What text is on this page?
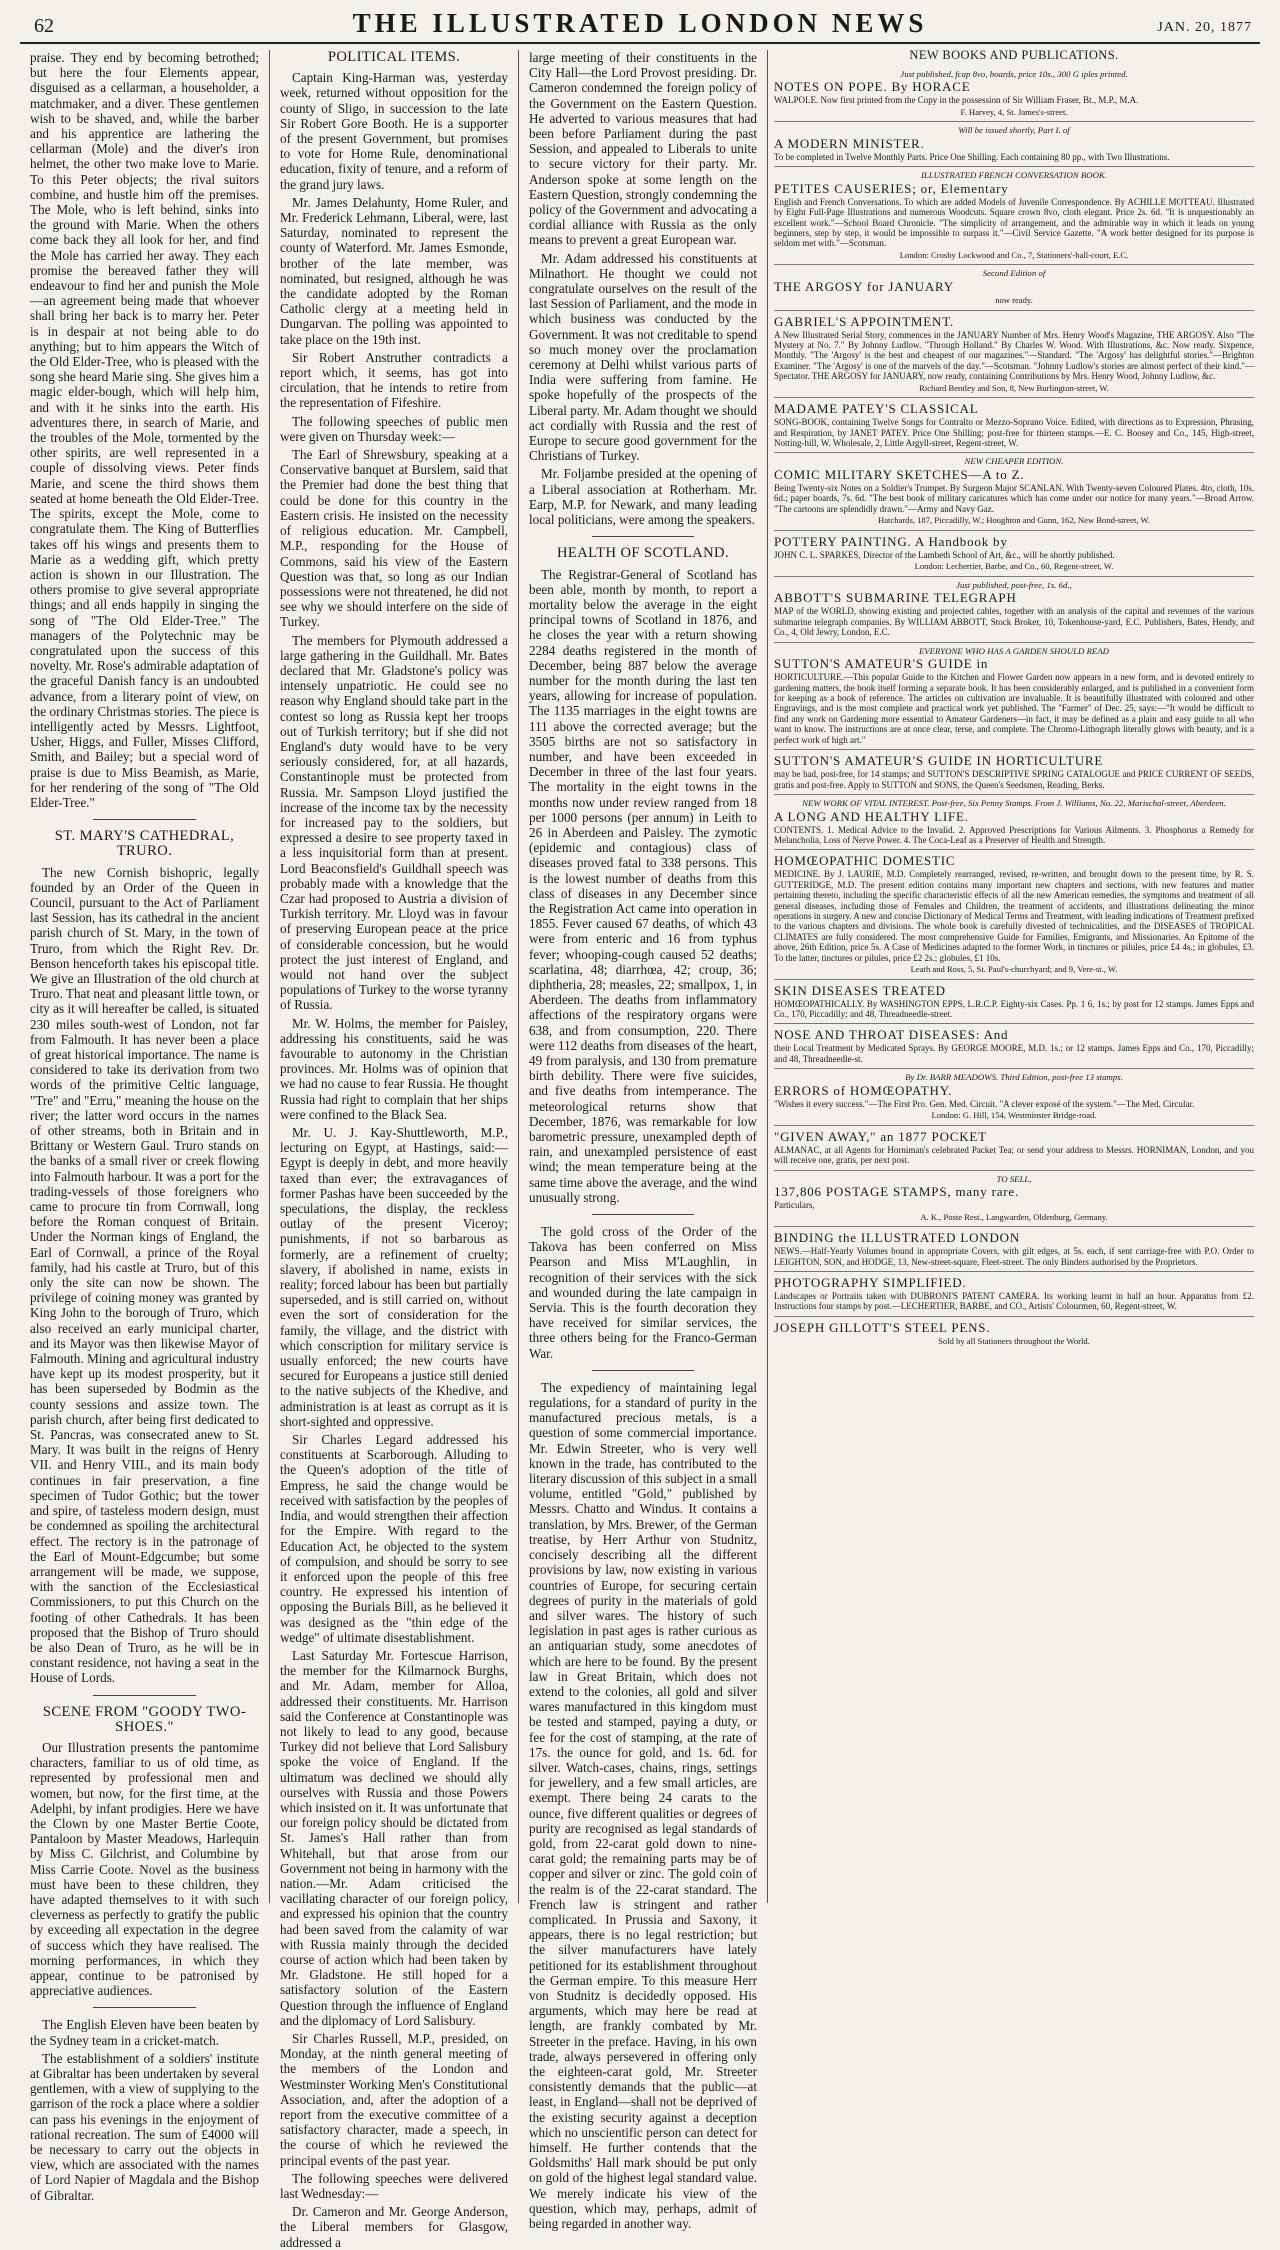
62	THE ILLUSTRATED LONDON NEWS	JAN. 20, 1877

praise. They end by becoming betrothed; but here the four Elements appear, disguised as a cellarman, a householder, a matchmaker, and a diver. These gentlemen wish to be shaved, and, while the barber and his apprentice are lathering the cellarman (Mole) and the diver's iron helmet, the other two make love to Marie. To this Peter objects; the rival suitors combine, and hustle him off the premises. The Mole, who is left behind, sinks into the ground with Marie. When the others come back they all look for her, and find the Mole has carried her away. They each promise the bereaved father they will endeavour to find her and punish the Mole—an agreement being made that whoever shall bring her back is to marry her. Peter is in despair at not being able to do anything; but to him appears the Witch of the Old Elder-Tree, who is pleased with the song she heard Marie sing. She gives him a magic elder-bough, which will help him, and with it he sinks into the earth. His adventures there, in search of Marie, and the troubles of the Mole, tormented by the other spirits, are well represented in a couple of dissolving views. Peter finds Marie, and scene the third shows them seated at home beneath the Old Elder-Tree. The spirits, except the Mole, come to congratulate them. The King of Butterflies takes off his wings and presents them to Marie as a wedding gift, which pretty action is shown in our Illustration. The others promise to give several appropriate things; and all ends happily in singing the song of "The Old Elder-Tree." The managers of the Polytechnic may be congratulated upon the success of this novelty. Mr. Rose's admirable adaptation of the graceful Danish fancy is an undoubted advance, from a literary point of view, on the ordinary Christmas stories. The piece is intelligently acted by Messrs. Lightfoot, Usher, Higgs, and Fuller, Misses Clifford, Smith, and Bailey; but a special word of praise is due to Miss Beamish, as Marie, for her rendering of the song of "The Old Elder-Tree."

ST. MARY'S CATHEDRAL, TRURO.

The new Cornish bishopric, legally founded by an Order of the Queen in Council, pursuant to the Act of Parliament last Session, has its cathedral in the ancient parish church of St. Mary, in the town of Truro, from which the Right Rev. Dr. Benson henceforth takes his episcopal title. We give an Illustration of the old church at Truro. That neat and pleasant little town, or city as it will hereafter be called, is situated 230 miles south-west of London, not far from Falmouth. It has never been a place of great historical importance. The name is considered to take its derivation from two words of the primitive Celtic language, "Tre" and "Erru," meaning the house on the river; the latter word occurs in the names of other streams, both in Britain and in Brittany or Western Gaul. Truro stands on the banks of a small river or creek flowing into Falmouth harbour. It was a port for the trading-vessels of those foreigners who came to procure tin from Cornwall, long before the Roman conquest of Britain. Under the Norman kings of England, the Earl of Cornwall, a prince of the Royal family, had his castle at Truro, but of this only the site can now be shown. The privilege of coining money was granted by King John to the borough of Truro, which also received an early municipal charter, and its Mayor was then likewise Mayor of Falmouth. Mining and agricultural industry have kept up its modest prosperity, but it has been superseded by Bodmin as the county sessions and assize town. The parish church, after being first dedicated to St. Pancras, was consecrated anew to St. Mary. It was built in the reigns of Henry VII. and Henry VIII., and its main body continues in fair preservation, a fine specimen of Tudor Gothic; but the tower and spire, of tasteless modern design, must be condemned as spoiling the architectural effect. The rectory is in the patronage of the Earl of Mount-Edgcumbe; but some arrangement will be made, we suppose, with the sanction of the Ecclesiastical Commissioners, to put this Church on the footing of other Cathedrals. It has been proposed that the Bishop of Truro should be also Dean of Truro, as he will be in constant residence, not having a seat in the House of Lords.

SCENE FROM "GOODY TWO-SHOES."

Our Illustration presents the pantomime characters, familiar to us of old time, as represented by professional men and women, but now, for the first time, at the Adelphi, by infant prodigies. Here we have the Clown by one Master Bertie Coote, Pantaloon by Master Meadows, Harlequin by Miss C. Gilchrist, and Columbine by Miss Carrie Coote. Novel as the business must have been to these children, they have adapted themselves to it with such cleverness as perfectly to gratify the public by exceeding all expectation in the degree of success which they have realised. The morning performances, in which they appear, continue to be patronised by appreciative audiences.

The English Eleven have been beaten by the Sydney team in a cricket-match.

The establishment of a soldiers' institute at Gibraltar has been undertaken by several gentlemen, with a view of supplying to the garrison of the rock a place where a soldier can pass his evenings in the enjoyment of rational recreation. The sum of £4000 will be necessary to carry out the objects in view, which are associated with the names of Lord Napier of Magdala and the Bishop of Gibraltar.

POLITICAL ITEMS.

Captain King-Harman was, yesterday week, returned without opposition for the county of Sligo, in succession to the late Sir Robert Gore Booth. He is a supporter of the present Government, but promises to vote for Home Rule, denominational education, fixity of tenure, and a reform of the grand jury laws.

Mr. James Delahunty, Home Ruler, and Mr. Frederick Lehmann, Liberal, were, last Saturday, nominated to represent the county of Waterford. Mr. James Esmonde, brother of the late member, was nominated, but resigned, although he was the candidate adopted by the Roman Catholic clergy at a meeting held in Dungarvan. The polling was appointed to take place on the 19th inst.

Sir Robert Anstruther contradicts a report which, it seems, has got into circulation, that he intends to retire from the representation of Fifeshire.

The following speeches of public men were given on Thursday week:—

The Earl of Shrewsbury, speaking at a Conservative banquet at Burslem, said that the Premier had done the best thing that could be done for this country in the Eastern crisis. He insisted on the necessity of religious education. Mr. Campbell, M.P., responding for the House of Commons, said his view of the Eastern Question was that, so long as our Indian possessions were not threatened, he did not see why we should interfere on the side of Turkey.

The members for Plymouth addressed a large gathering in the Guildhall. Mr. Bates declared that Mr. Gladstone's policy was intensely unpatriotic. He could see no reason why England should take part in the contest so long as Russia kept her troops out of Turkish territory; but if she did not England's duty would have to be very seriously considered, for, at all hazards, Constantinople must be protected from Russia. Mr. Sampson Lloyd justified the increase of the income tax by the necessity for increased pay to the soldiers, but expressed a desire to see property taxed in a less inquisitorial form than at present. Lord Beaconsfield's Guildhall speech was probably made with a knowledge that the Czar had proposed to Austria a division of Turkish territory. Mr. Lloyd was in favour of preserving European peace at the price of considerable concession, but he would protect the just interest of England, and would not hand over the subject populations of Turkey to the worse tyranny of Russia.

Mr. W. Holms, the member for Paisley, addressing his constituents, said he was favourable to autonomy in the Christian provinces. Mr. Holms was of opinion that we had no cause to fear Russia. He thought Russia had right to complain that her ships were confined to the Black Sea.

Mr. U. J. Kay-Shuttleworth, M.P., lecturing on Egypt, at Hastings, said:—Egypt is deeply in debt, and more heavily taxed than ever; the extravagances of former Pashas have been succeeded by the speculations, the display, the reckless outlay of the present Viceroy; punishments, if not so barbarous as formerly, are a refinement of cruelty; slavery, if abolished in name, exists in reality; forced labour has been but partially superseded, and is still carried on, without even the sort of consideration for the family, the village, and the district with which conscription for military service is usually enforced; the new courts have secured for Europeans a justice still denied to the native subjects of the Khedive, and administration is at least as corrupt as it is short-sighted and oppressive.

Sir Charles Legard addressed his constituents at Scarborough. Alluding to the Queen's adoption of the title of Empress, he said the change would be received with satisfaction by the peoples of India, and would strengthen their affection for the Empire. With regard to the Education Act, he objected to the system of compulsion, and should be sorry to see it enforced upon the people of this free country. He expressed his intention of opposing the Burials Bill, as he believed it was designed as the "thin edge of the wedge" of ultimate disestablishment.

Last Saturday Mr. Fortescue Harrison, the member for the Kilmarnock Burghs, and Mr. Adam, member for Alloa, addressed their constituents. Mr. Harrison said the Conference at Constantinople was not likely to lead to any good, because Turkey did not believe that Lord Salisbury spoke the voice of England. If the ultimatum was declined we should ally ourselves with Russia and those Powers which insisted on it. It was unfortunate that our foreign policy should be dictated from St. James's Hall rather than from Whitehall, but that arose from our Government not being in harmony with the nation.—Mr. Adam criticised the vacillating character of our foreign policy, and expressed his opinion that the country had been saved from the calamity of war with Russia mainly through the decided course of action which had been taken by Mr. Gladstone. He still hoped for a satisfactory solution of the Eastern Question through the influence of England and the diplomacy of Lord Salisbury.

Sir Charles Russell, M.P., presided, on Monday, at the ninth general meeting of the members of the London and Westminster Working Men's Constitutional Association, and, after the adoption of a report from the executive committee of a satisfactory character, made a speech, in the course of which he reviewed the principal events of the past year.

The following speeches were delivered last Wednesday:—

Dr. Cameron and Mr. George Anderson, the Liberal members for Glasgow, addressed a

large meeting of their constituents in the City Hall—the Lord Provost presiding. Dr. Cameron condemned the foreign policy of the Government on the Eastern Question. He adverted to various measures that had been before Parliament during the past Session, and appealed to Liberals to unite to secure victory for their party. Mr. Anderson spoke at some length on the Eastern Question, strongly condemning the policy of the Government and advocating a cordial alliance with Russia as the only means to prevent a great European war.

Mr. Adam addressed his constituents at Milnathort. He thought we could not congratulate ourselves on the result of the last Session of Parliament, and the mode in which business was conducted by the Government. It was not creditable to spend so much money over the proclamation ceremony at Delhi whilst various parts of India were suffering from famine. He spoke hopefully of the prospects of the Liberal party. Mr. Adam thought we should act cordially with Russia and the rest of Europe to secure good government for the Christians of Turkey.

Mr. Foljambe presided at the opening of a Liberal association at Rotherham. Mr. Earp, M.P. for Newark, and many leading local politicians, were among the speakers.

HEALTH OF SCOTLAND.

The Registrar-General of Scotland has been able, month by month, to report a mortality below the average in the eight principal towns of Scotland in 1876, and he closes the year with a return showing 2284 deaths registered in the month of December, being 887 below the average number for the month during the last ten years, allowing for increase of population. The 1135 marriages in the eight towns are 111 above the corrected average; but the 3505 births are not so satisfactory in number, and have been exceeded in December in three of the last four years. The mortality in the eight towns in the months now under review ranged from 18 per 1000 persons (per annum) in Leith to 26 in Aberdeen and Paisley. The zymotic (epidemic and contagious) class of diseases proved fatal to 338 persons. This is the lowest number of deaths from this class of diseases in any December since the Registration Act came into operation in 1855. Fever caused 67 deaths, of which 43 were from enteric and 16 from typhus fever; whooping-cough caused 52 deaths; scarlatina, 48; diarrhœa, 42; croup, 36; diphtheria, 28; measles, 22; smallpox, 1, in Aberdeen. The deaths from inflammatory affections of the respiratory organs were 638, and from consumption, 220. There were 112 deaths from diseases of the heart, 49 from paralysis, and 130 from premature birth debility. There were five suicides, and five deaths from intemperance. The meteorological returns show that December, 1876, was remarkable for low barometric pressure, unexampled depth of rain, and unexampled persistence of east wind; the mean temperature being at the same time above the average, and the wind unusually strong.

The gold cross of the Order of the Takova has been conferred on Miss Pearson and Miss M'Laughlin, in recognition of their services with the sick and wounded during the late campaign in Servia. This is the fourth decoration they have received for similar services, the three others being for the Franco-German War.

The expediency of maintaining legal regulations, for a standard of purity in the manufactured precious metals, is a question of some commercial importance. Mr. Edwin Streeter, who is very well known in the trade, has contributed to the literary discussion of this subject in a small volume, entitled "Gold," published by Messrs. Chatto and Windus. It contains a translation, by Mrs. Brewer, of the German treatise, by Herr Arthur von Studnitz, concisely describing all the different provisions by law, now existing in various countries of Europe, for securing certain degrees of purity in the materials of gold and silver wares. The history of such legislation in past ages is rather curious as an antiquarian study, some anecdotes of which are here to be found. By the present law in Great Britain, which does not extend to the colonies, all gold and silver wares manufactured in this kingdom must be tested and stamped, paying a duty, or fee for the cost of stamping, at the rate of 17s. the ounce for gold, and 1s. 6d. for silver. Watch-cases, chains, rings, settings for jewellery, and a few small articles, are exempt. There being 24 carats to the ounce, five different qualities or degrees of purity are recognised as legal standards of gold, from 22-carat gold down to nine-carat gold; the remaining parts may be of copper and silver or zinc. The gold coin of the realm is of the 22-carat standard. The French law is stringent and rather complicated. In Prussia and Saxony, it appears, there is no legal restriction; but the silver manufacturers have lately petitioned for its establishment throughout the German empire. To this measure Herr von Studnitz is decidedly opposed. His arguments, which may here be read at length, are frankly combated by Mr. Streeter in the preface. Having, in his own trade, always persevered in offering only the eighteen-carat gold, Mr. Streeter consistently demands that the public—at least, in England—shall not be deprived of the existing security against a deception which no unscientific person can detect for himself. He further contends that the Goldsmiths' Hall mark should be put only on gold of the highest legal standard value. We merely indicate his view of the question, which may, perhaps, admit of being regarded in another way.

NEW BOOKS AND PUBLICATIONS.
Just published, fcap 8vo, boards, price 10s., 300 G iples printed.
NOTES ON POPE. By HORACE
WALPOLE. Now first printed from the Copy in the possession of Sir William Fraser, Bt., M.P., M.A.
F. Harvey, 4, St. James's-street.
Will be issued shortly, Part I. of
A MODERN MINISTER.
To be completed in Twelve Monthly Parts. Price One Shilling. Each containing 80 pp., with Two Illustrations.
ILLUSTRATED FRENCH CONVERSATION BOOK.
PETITES CAUSERIES; or, Elementary
English and French Conversations. To which are added Models of Juvenile Correspondence. By ACHILLE MOTTEAU. Illustrated by Eight Full-Page Illustrations and numerous Woodcuts. Square crown 8vo, cloth elegant. Price 2s. 6d. "It is unquestionably an excellent work."—School Board Chronicle. "The simplicity of arrangement, and the admirable way in which it leads on young beginners, step by step, it would be impossible to surpass it."—Civil Service Gazette. "A work better designed for its purpose is seldom met with."—Scotsman.
London: Crosby Lockwood and Co., 7, Stationers'-hall-court, E.C.
Second Edition of
THE ARGOSY for JANUARY
now ready.
GABRIEL'S APPOINTMENT.
A New Illustrated Serial Story, commences in the JANUARY Number of Mrs. Henry Wood's Magazine, THE ARGOSY. Also "The Mystery at No. 7." By Johnny Ludlow. "Through Holland." By Charles W. Wood. With Illustrations, &c. Now ready. Sixpence, Monthly. "The 'Argosy' is the best and cheapest of our magazines."—Standard. "The 'Argosy' has delightful stories."—Brighton Examiner. "The 'Argosy' is one of the marvels of the day."—Scotsman. "Johnny Ludlow's stories are almost perfect of their kind."—Spectator. THE ARGOSY for JANUARY, now ready, containing Contributions by Mrs. Henry Wood, Johnny Ludlow, &c.
Richard Bentley and Son, 8, New Burlington-street, W.
MADAME PATEY'S CLASSICAL
SONG-BOOK, containing Twelve Songs for Contralto or Mezzo-Soprano Voice. Edited, with directions as to Expression, Phrasing, and Respiration, by JANET PATEY. Price One Shilling; post-free for thirteen stamps.—E. C. Boosey and Co., 145, High-street, Notting-hill, W. Wholesale, 2, Little Argyll-street, Regent-street, W.
NEW CHEAPER EDITION.
COMIC MILITARY SKETCHES—A to Z.
Being Twenty-six Notes on a Soldier's Trumpet. By Surgeon Major SCANLAN. With Twenty-seven Coloured Plates. 4to, cloth, 10s. 6d.; paper boards, 7s. 6d. "The best book of military caricatures which has come under our notice for many years."—Broad Arrow. "The cartoons are splendidly drawn."—Army and Navy Gaz.
Hatchards, 187, Piccadilly, W.; Houghton and Gunn, 162, New Bond-street, W.
POTTERY PAINTING. A Handbook by
JOHN C. L. SPARKES, Director of the Lambeth School of Art, &c., will be shortly published.
London: Lechertier, Barbe, and Co., 60, Regent-street, W.
Just published, post-free, 1s. 6d.,
ABBOTT'S SUBMARINE TELEGRAPH
MAP of the WORLD, showing existing and projected cables, together with an analysis of the capital and revenues of the various submarine telegraph companies. By WILLIAM ABBOTT, Stock Broker, 10, Tokenhouse-yard, E.C. Publishers, Bates, Hendy, and Co., 4, Old Jewry, London, E.C.
EVERYONE WHO HAS A GARDEN SHOULD READ
SUTTON'S AMATEUR'S GUIDE in
HORTICULTURE.—This popular Guide to the Kitchen and Flower Garden now appears in a new form, and is devoted entirely to gardening matters, the book itself forming a separate book. It has been considerably enlarged, and is published in a convenient form for keeping as a book of reference. The articles on cultivation are invaluable. It is beautifully illustrated with coloured and other Engravings, and is the most complete and practical work yet published. The "Farmer" of Dec. 25, says:—"It would be difficult to find any work on Gardening more essential to Amateur Gardeners—in fact, it may be defined as a plain and easy guide to all who want to know. The instructions are at once clear, terse, and complete. The Chromo-Lithograph literally glows with beauty, and is a perfect work of high art."
SUTTON'S AMATEUR'S GUIDE IN HORTICULTURE
may be had, post-free, for 14 stamps; and SUTTON'S DESCRIPTIVE SPRING CATALOGUE and PRICE CURRENT OF SEEDS, gratis and post-free. Apply to SUTTON and SONS, the Queen's Seedsmen, Reading, Berks.
NEW WORK OF VITAL INTEREST. Post-free, Six Penny Stamps. From J. Williams, No. 22, Marischal-street, Aberdeen.
A LONG AND HEALTHY LIFE.
CONTENTS. 1. Medical Advice to the Invalid. 2. Approved Prescriptions for Various Ailments. 3. Phosphorus a Remedy for Melancholia, Loss of Nerve Power. 4. The Coca-Leaf as a Preserver of Health and Strength.
HOMŒOPATHIC DOMESTIC
MEDICINE. By J. LAURIE, M.D. Completely rearranged, revised, re-written, and brought down to the present time, by R. S. GUTTERIDGE, M.D. The present edition contains many important new chapters and sections, with new features and matter pertaining thereto, including the specific characteristic effects of all the new American remedies, the symptoms and treatment of all general diseases, including those of Females and Children, the treatment of accidents, and illustrations delineating the minor operations in surgery. A new and concise Dictionary of Medical Terms and Treatment, with leading indications of Treatment prefixed to the various chapters and divisions. The whole book is carefully divested of technicalities, and the DISEASES of TROPICAL CLIMATES are fully considered. The most comprehensive Guide for Families, Emigrants, and Missionaries. An Epitome of the above, 26th Edition, price 5s. A Case of Medicines adapted to the former Work, in tinctures or pilules, price £4 4s.; in globules, £3. To the latter, tinctures or pilules, price £2 2s.; globules, £1 10s.
Leath and Ross, 5, St. Paul's-churchyard; and 9, Vere-st., W.
SKIN DISEASES TREATED
HOMŒOPATHICALLY. By WASHINGTON EPPS, L.R.C.P. Eighty-six Cases. Pp. 1 6, 1s.; by post for 12 stamps. James Epps and Co., 170, Piccadilly; and 48, Threadneedle-street.
NOSE AND THROAT DISEASES: And
their Local Treatment by Medicated Sprays. By GEORGE MOORE, M.D. 1s.; or 12 stamps. James Epps and Co., 170, Piccadilly; and 48, Threadneedle-st.
By Dr. BARR MEADOWS. Third Edition, post-free 13 stamps.
ERRORS of HOMŒOPATHY.
"Wishes it every success."—The First Pro. Gen. Med. Circuit. "A clever exposé of the system."—The Med. Circular.
London: G. Hill, 154, Westminster Bridge-road.
"GIVEN AWAY," an 1877 POCKET
ALMANAC, at all Agents for Horniman's celebrated Packet Tea; or send your address to Messrs. HORNIMAN, London, and you will receive one, gratis, per next post.
TO SELL,
137,806 POSTAGE STAMPS, many rare.
Particulars,
A. K., Poste Rest., Langwarden, Oldenburg, Germany.
BINDING the ILLUSTRATED LONDON
NEWS.—Half-Yearly Volumes bound in appropriate Covers, with gilt edges, at 5s. each, if sent carriage-free with P.O. Order to LEIGHTON, SON, and HODGE, 13, New-street-square, Fleet-street. The only Binders authorised by the Proprietors.
PHOTOGRAPHY SIMPLIFIED.
Landscapes or Portraits taken with DUBRONI'S PATENT CAMERA. Its working learnt in half an hour. Apparatus from £2. Instructions four stamps by post.—LECHERTIER, BARBE, and CO., Artists' Colourmen, 60, Regent-street, W.
JOSEPH GILLOTT'S STEEL PENS.
Sold by all Stationers throughout the World.
